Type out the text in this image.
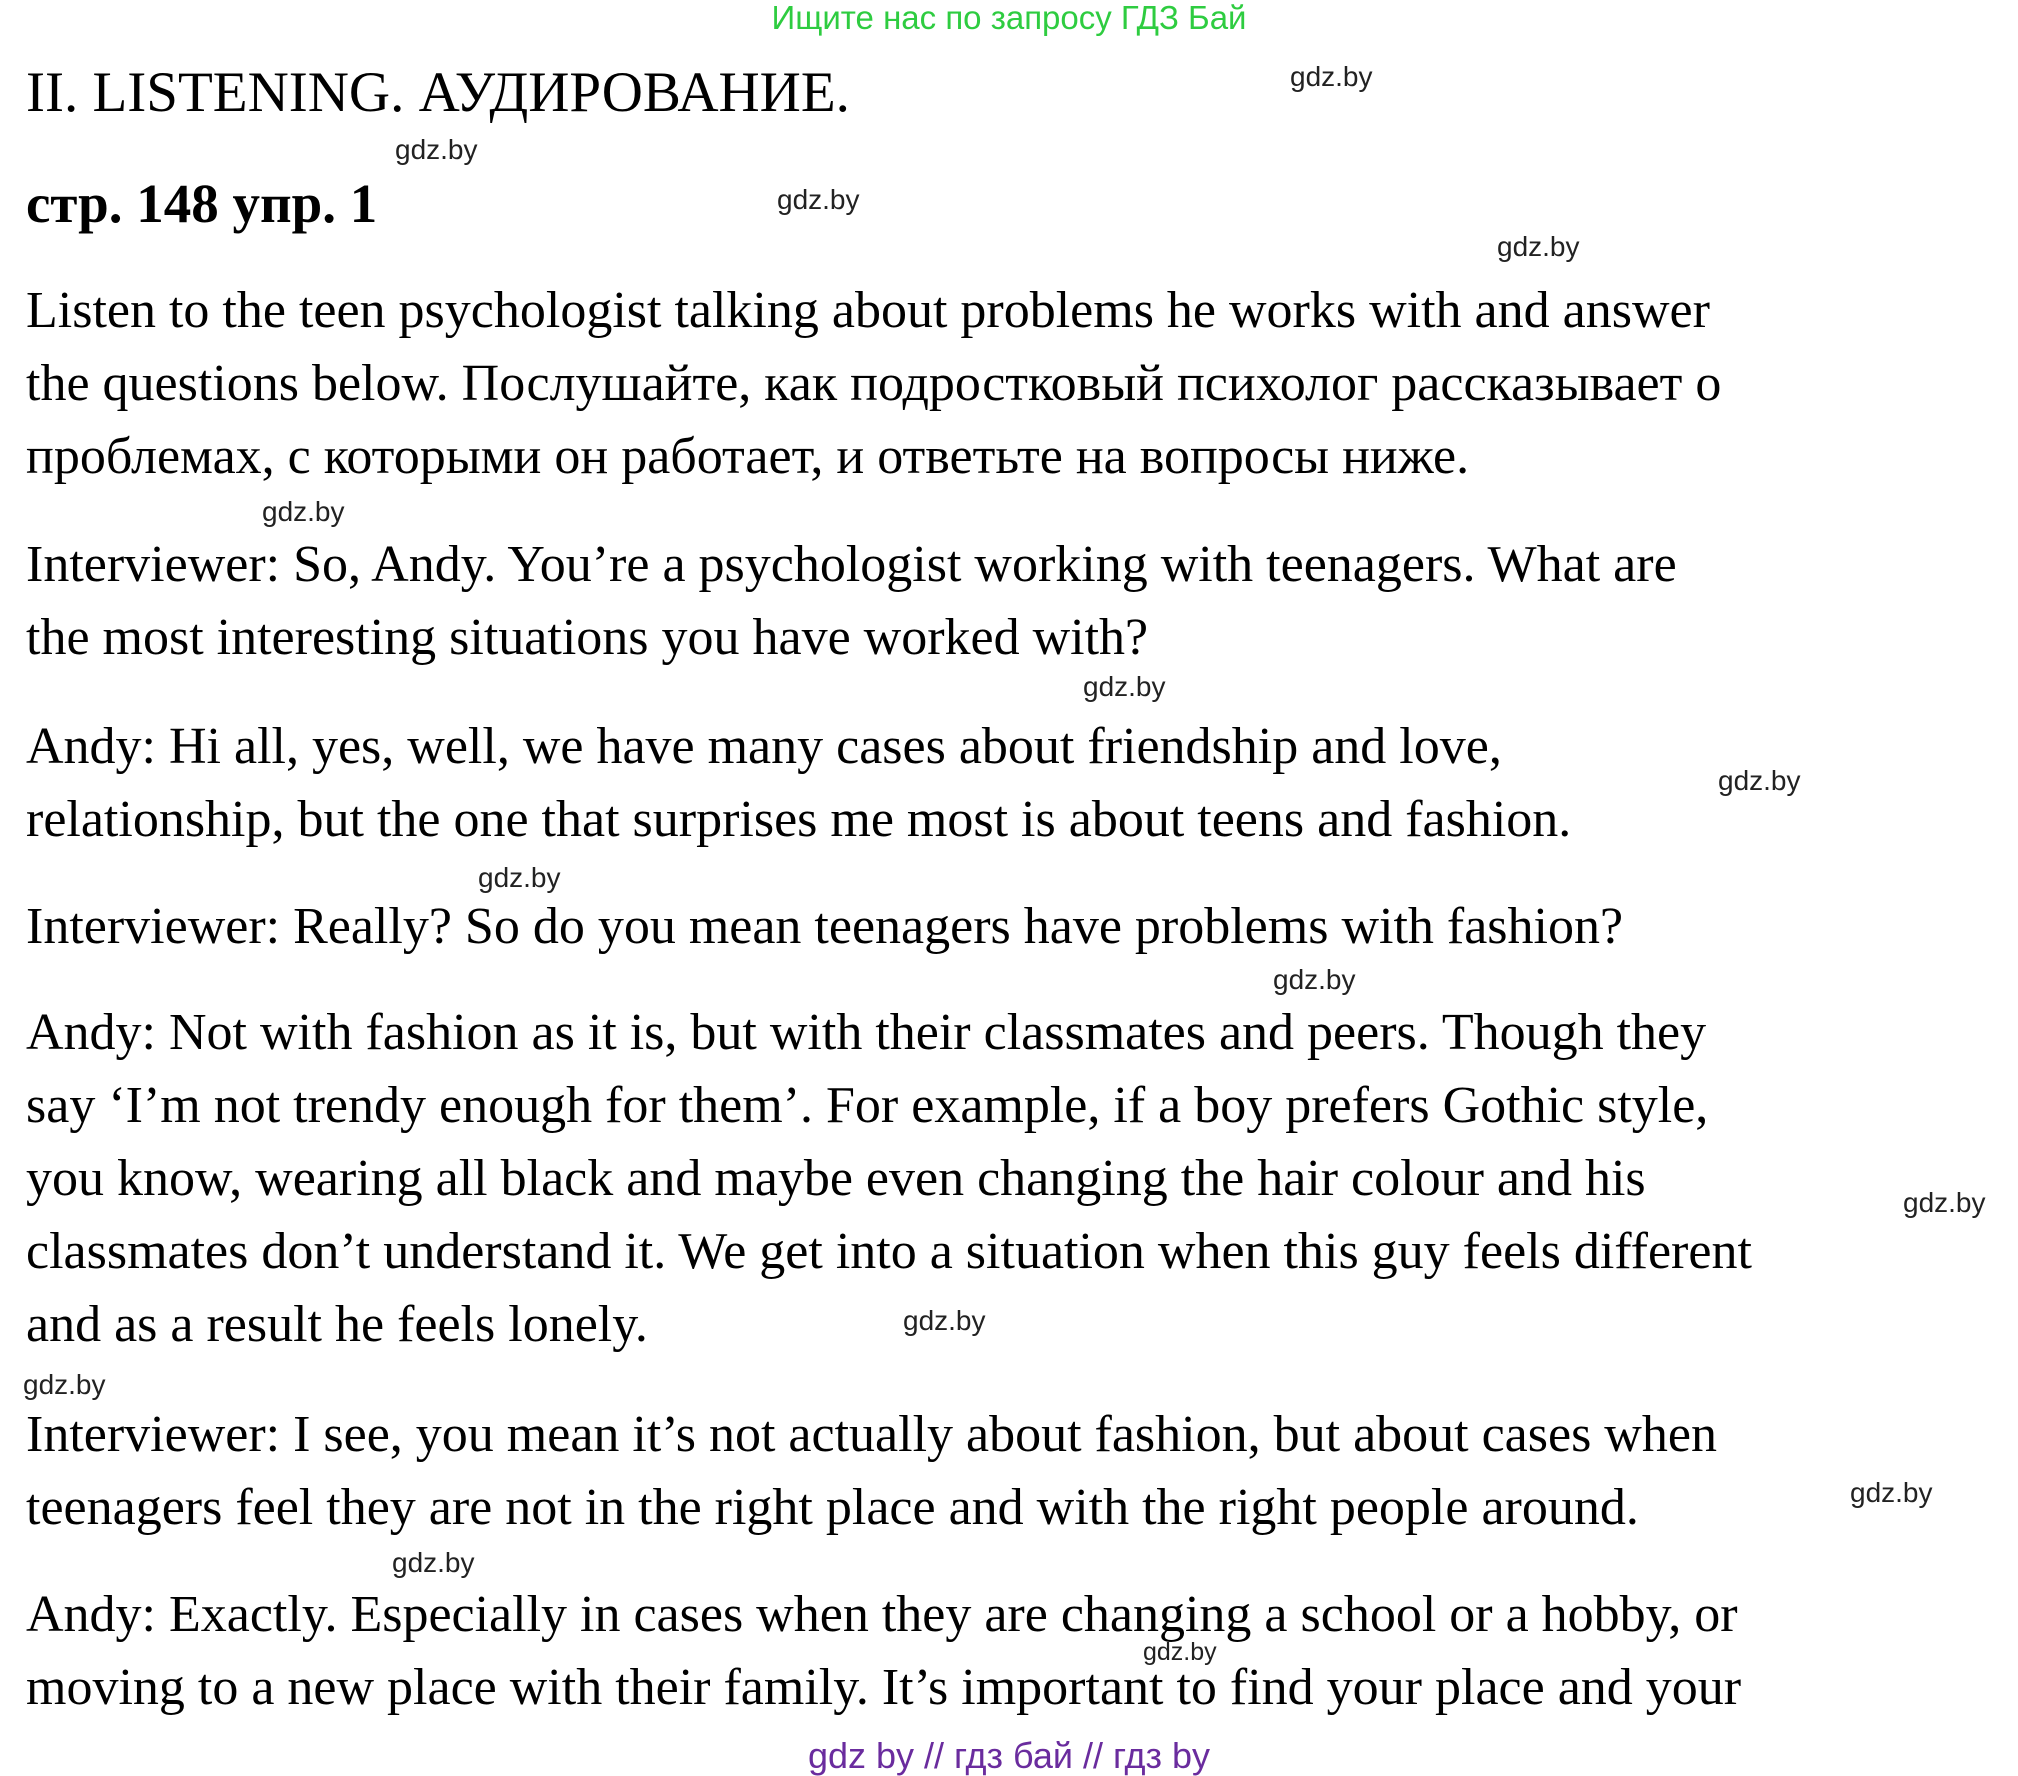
Ищите нас по запросу ГДЗ Бай
II. LISTENING. АУДИРОВАНИЕ.
стр. 148 упр. 1

Listen to the teen psychologist talking about problems he works with and answer
the questions below. Послушайте, как подростковый психолог рассказывает о
проблемах, с которыми он работает, и ответьте на вопросы ниже.

Interviewer: So, Andy. You’re a psychologist working with teenagers. What are
the most interesting situations you have worked with?

Andy: Hi all, yes, well, we have many cases about friendship and love,
relationship, but the one that surprises me most is about teens and fashion.

Interviewer: Really? So do you mean teenagers have problems with fashion?

Andy: Not with fashion as it is, but with their classmates and peers. Though they
say ‘I’m not trendy enough for them’. For example, if a boy prefers Gothic style,
you know, wearing all black and maybe even changing the hair colour and his
classmates don’t understand it. We get into a situation when this guy feels different
and as a result he feels lonely.

Interviewer: I see, you mean it’s not actually about fashion, but about cases when
teenagers feel they are not in the right place and with the right people around.

Andy: Exactly. Especially in cases when they are changing a school or a hobby, or
moving to a new place with their family. It’s important to find your place and your

gdz.by
gdz.by
gdz.by
gdz.by
gdz.by
gdz.by
gdz.by
gdz.by
gdz.by
gdz.by
gdz.by
gdz.by
gdz.by
gdz.by
gdz.by
gdz by // гдз бай // гдз by
